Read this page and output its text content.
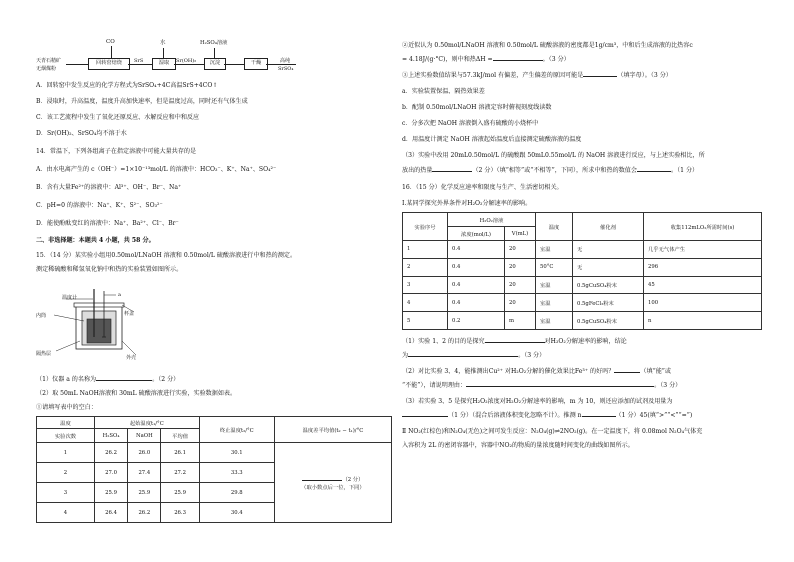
天青石精矿
无烟煤粉
回转窑焙烧
CO
SrS	湿取
水
Sr(OH)₂	沉淀
H₂SO₄溶液
干燥	高纯
SrSO₄
A．回转窑中发生反应的化学方程式为SrSO₄+4C高温SrS+4CO↑
B．浸取时，升高温度，温度升高加快速率，但是温度过高，同时还有气体生成
C．该工艺流程中发生了氧化还原反应、水解反应和中和反应
D．Sr(OH)₂、SrSO₄均不溶于水
14．常温下，下列各组离子在指定溶液中可能大量共存的是
A．由水电离产生的 c（OH⁻）=1×10⁻¹³mol/L 的溶液中：HCO₃⁻、K⁺、Na⁺、SO₄²⁻
B．含有大量Fe²⁺的溶液中：Al³⁺、OH⁻、Br⁻、Na⁺
C．pH=0 的溶液中：Na⁺、K⁺、S²⁻、SO₃²⁻
D．能使酚酞变红的溶液中：Na⁺、Ba²⁺、Cl⁻、Br⁻
二、非选择题：本题共 4 小题，共 58 分。
15．（14 分）某实验小组用0.50mol/LNaOH 溶液和 0.50mol/L 硫酸溶液进行中和热的测定。
测定稀硫酸和稀氢氧化钠中和热的实验装置如图所示。
温度计	a
内筒	杯盖
隔热层
外壳
（1）仪器 a 的名称为	。（2 分）
（2）取 50mL NaOH溶液和 30mL 硫酸溶液进行实验，实验数据如表。
①请填写表中的空白：
温度	起始温度t₁/°C			终止温度t₂/°C	温度差平均值(t₂ − t₁)/°C
实验次数	H₂SO₄	NaOH	平均值		
1	26.2	26.0	26.1	30.1	（2 分）
（取小数点后一位，下同）

2	27.0	27.4	27.2	33.3	
3	25.9	25.9	25.9	29.8	
4	26.4	26.2	26.3	30.4	
②近似认为 0.50mol/LNaOH 溶液和 0.50mol/L 硫酸溶液的密度都是1g/cm³，中和后生成溶液的比热容c
= 4.18J/(g·°C)，则中和热ΔH =	。（3 分）
③上述实验数值结果与57.3kJ/mol 有偏差，产生偏差的原因可能是	（填字母）。（3 分）
a．实验装置保温、隔热效果差
b．配制 0.50mol/LNaOH 溶液定容时俯视刻度线读数
c．分多次把 NaOH 溶液倒入盛有硫酸的小烧杯中
d．用温度计测定 NaOH 溶液起始温度后直接测定硫酸溶液的温度
（3）实验中改用 20mL0.50mol/L 的硫酸跟 50mL0.55mol/L 的 NaOH 溶液进行反应，与上述实验相比，所
放出的热量	（2 分）（填“相等”或“不相等”，下同），所求中和热的数值会	。（1 分）
16．（15 分）化学反应速率和限度与生产、生活密切相关。
Ⅰ.某同学探究外界条件对H₂O₂分解速率的影响。
实验序号	H₂O₂溶液		温度	催化剂	收集112mLO₂所需时间(s)
	浓度(mol/L)	V(mL)			
1	0.4	20	室温	无	几乎无气体产生
2	0.4	20	50°C	无	296
3	0.4	20	室温	0.5gCuSO₄粉末	45
4	0.4	20	室温	0.5gFeCl₃粉末	100
5	0.2	m	室温	0.5gCuSO₄粉末	n
（1）实验 1、2 的目的是探究	对H₂O₂分解速率的影响，结论
为	。（3 分）
（2）对比实验 3、4，能推测出Cu²⁺ 对H₂O₂分解的催化效果比Fe³⁺ 的好吗？	（填“能”或
“不能”），请说明理由：	。（3 分）
（3）若实验 3、5 是探究H₂O₂浓度对H₂O₂分解速率的影响，m 为 10，则还应添加的试剂及用量为
（1 分）（混合后溶液体积变化忽略不计）。推测 n	（1 分）45(填“>”“<”“=”)
Ⅱ NO₂(红棕色)和N₂O₄(无色)之间可发生反应：N₂O₄(g)⇌2NO₂(g)。在一定温度下，将 0.08mol N₂O₄气体充
入容积为 2L 的密闭容器中，容器中NO₂的物质的量浓度随时间变化的曲线如图所示。
